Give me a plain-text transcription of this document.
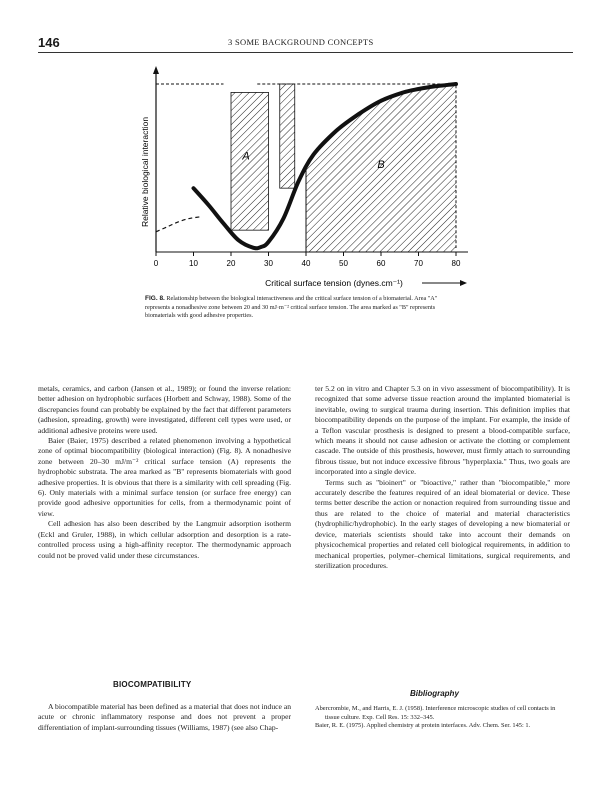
146	3 SOME BACKGROUND CONCEPTS
0	10	20	30	40	50	60	70	80
A
B
Relative biological interaction
Critical surface tension (dynes.cm⁻¹)
FIG. 8. Relationship between the biological interactiveness and the critical surface tension of a biomaterial. Area "A" represents a nonadhesive zone between 20 and 30 mJ·m⁻² critical surface tension. The area marked as "B" represents biomaterials with good adhesive properties.

metals, ceramics, and carbon (Jansen et al., 1989); or found the inverse relation: better adhesion on hydrophobic surfaces (Horbett and Schway, 1988). Some of the discrepancies found can probably be explained by the fact that different parameters (adhesion, spreading, growth) were investigated, different cell types were used, or additional adhesive proteins were used.

Baier (Baier, 1975) described a related phenomenon involving a hypothetical zone of optimal biocompatibility (biological interaction) (Fig. 8). A nonadhesive zone between 20–30 mJ/m⁻² critical surface tension (A) represents the hydrophobic substrata. The area marked as "B" represents biomaterials with good adhesive properties. It is obvious that there is a similarity with cell spreading (Fig. 6). Only materials with a minimal surface tension (or surface free energy) can provide good adhesive opportunities for cells, from a thermodynamic point of view.

Cell adhesion has also been described by the Langmuir adsorption isotherm (Eckl and Gruler, 1988), in which cellular adsorption and desorption is a rate-controlled process using a high-affinity receptor. The thermodynamic approach could not be proved valid under these circumstances.

BIOCOMPATIBILITY

A biocompatible material has been defined as a material that does not induce an acute or chronic inflammatory response and does not prevent a proper differentiation of implant-surrounding tissues (Williams, 1987) (see also Chap-

ter 5.2 on in vitro and Chapter 5.3 on in vivo assessment of biocompatibility). It is recognized that some adverse tissue reaction around the implanted biomaterial is inevitable, owing to surgical trauma during insertion. This definition implies that biocompatibility depends on the purpose of the implant. For example, the inside of a Teflon vascular prosthesis is designed to present a blood-compatible surface, which means it should not cause adhesion or activate the clotting or complement cascade. The outside of this prosthesis, however, must firmly attach to surrounding fibrous tissue, but not induce excessive fibrous "hyperplaxia." Thus, two goals are incorporated into a single device.

Terms such as "bioinert" or "bioactive," rather than "biocompatible," more accurately describe the features required of an ideal biomaterial or device. These terms better describe the action or nonaction required from surrounding tissue and thus are related to the choice of material and material characteristics (hydrophilic/hydrophobic). In the early stages of developing a new biomaterial or device, materials scientists should take into account their demands on physicochemical properties and related cell biological requirements, in addition to mechanical properties, polymer–chemical limitations, surgical requirements, and sterilization procedures.

Bibliography
Abercrombie, M., and Harris, E. J. (1958). Interference microscopic studies of cell contacts in tissue culture. Exp. Cell Res. 15: 332–345.
Baier, R. E. (1975). Applied chemistry at protein interfaces. Adv. Chem. Ser. 145: 1.
